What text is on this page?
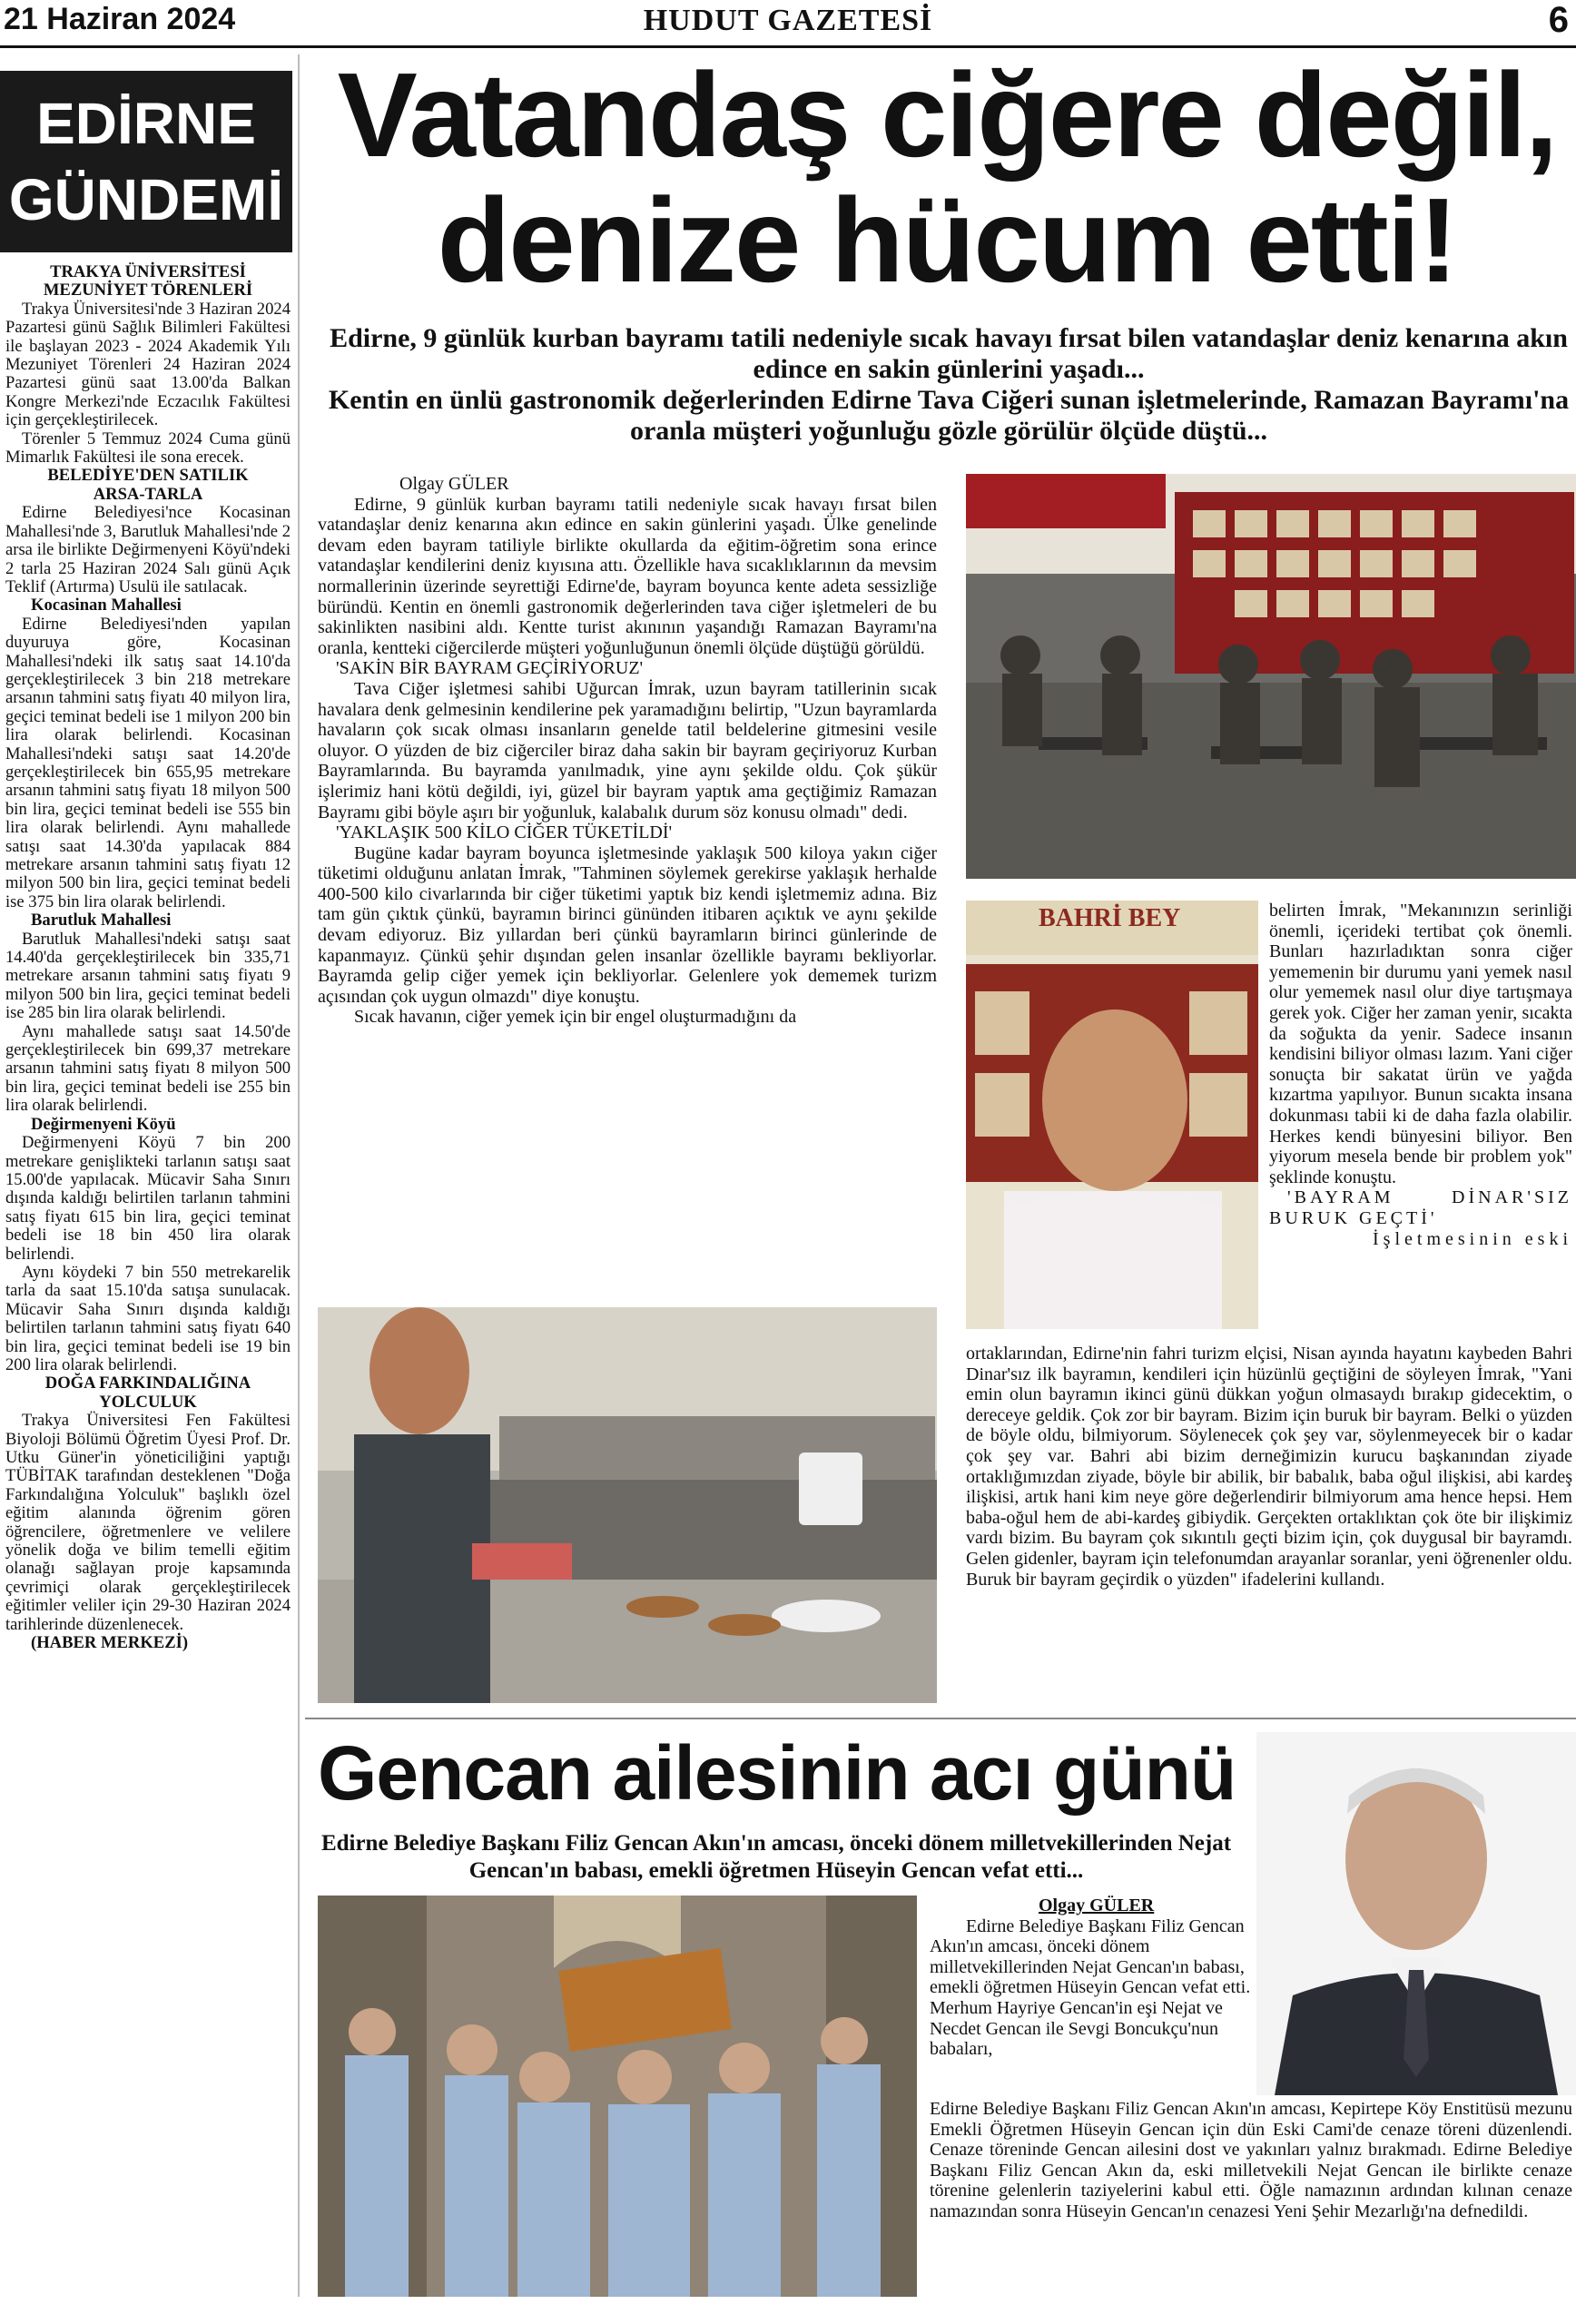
21 Haziran 2024	HUDUT GAZETESİ	6
EDİRNE
GÜNDEMİ
TRAKYA ÜNİVERSİTESİ
MEZUNİYET TÖRENLERİ

Trakya Üniversitesi'nde 3 Haziran 2024 Pazartesi günü Sağlık Bilimleri Fakültesi ile başlayan 2023 - 2024 Akademik Yılı Mezuniyet Törenleri 24 Haziran 2024 Pazartesi günü saat 13.00'da Balkan Kongre Merkezi'nde Eczacılık Fakültesi için gerçekleştirilecek.

Törenler 5 Temmuz 2024 Cuma günü Mimarlık Fakültesi ile sona erecek.

BELEDİYE'DEN SATILIK
ARSA-TARLA

Edirne Belediyesi'nce Kocasinan Mahallesi'nde 3, Barutluk Mahallesi'nde 2 arsa ile birlikte Değirmenyeni Köyü'ndeki 2 tarla 25 Haziran 2024 Salı günü Açık Teklif (Artırma) Usulü ile satılacak.

Kocasinan Mahallesi

Edirne Belediyesi'nden yapılan duyuruya göre, Kocasinan Mahallesi'ndeki ilk satış saat 14.10'da gerçekleştirilecek 3 bin 218 metrekare arsanın tahmini satış fiyatı 40 milyon lira, geçici teminat bedeli ise 1 milyon 200 bin lira olarak belirlendi. Kocasinan Mahallesi'ndeki satışı saat 14.20'de gerçekleştirilecek bin 655,95 metrekare arsanın tahmini satış fiyatı 18 milyon 500 bin lira, geçici teminat bedeli ise 555 bin lira olarak belirlendi. Aynı mahallede satışı saat 14.30'da yapılacak 884 metrekare arsanın tahmini satış fiyatı 12 milyon 500 bin lira, geçici teminat bedeli ise 375 bin lira olarak belirlendi.

Barutluk Mahallesi

Barutluk Mahallesi'ndeki satışı saat 14.40'da gerçekleştirilecek bin 335,71 metrekare arsanın tahmini satış fiyatı 9 milyon 500 bin lira, geçici teminat bedeli ise 285 bin lira olarak belirlendi.

Aynı mahallede satışı saat 14.50'de gerçekleştirilecek bin 699,37 metrekare arsanın tahmini satış fiyatı 8 milyon 500 bin lira, geçici teminat bedeli ise 255 bin lira olarak belirlendi.

Değirmenyeni Köyü

Değirmenyeni Köyü 7 bin 200 metrekare genişlikteki tarlanın satışı saat 15.00'de yapılacak. Mücavir Saha Sınırı dışında kaldığı belirtilen tarlanın tahmini satış fiyatı 615 bin lira, geçici teminat bedeli ise 18 bin 450 lira olarak belirlendi.

Aynı köydeki 7 bin 550 metrekarelik tarla da saat 15.10'da satışa sunulacak. Mücavir Saha Sınırı dışında kaldığı belirtilen tarlanın tahmini satış fiyatı 640 bin lira, geçici teminat bedeli ise 19 bin 200 lira olarak belirlendi.

DOĞA FARKINDALIĞINA
YOLCULUK

Trakya Üniversitesi Fen Fakültesi Biyoloji Bölümü Öğretim Üyesi Prof. Dr. Utku Güner'in yöneticiliğini yaptığı TÜBİTAK tarafından desteklenen "Doğa Farkındalığına Yolculuk" başlıklı özel eğitim alanında öğrenim gören öğrencilere, öğretmenlere ve velilere yönelik doğa ve bilim temelli eğitim olanağı sağlayan proje kapsamında çevrimiçi olarak gerçekleştirilecek eğitimler veliler için 29-30 Haziran 2024 tarihlerinde düzenlenecek.

(HABER MERKEZİ)

Vatandaş ciğere değil,
denize hücum etti!
Edirne, 9 günlük kurban bayramı tatili nedeniyle sıcak havayı fırsat bilen vatandaşlar deniz kenarına akın edince en sakin günlerini yaşadı...
Kentin en ünlü gastronomik değerlerinden Edirne Tava Ciğeri sunan işletmelerinde, Ramazan Bayramı'na oranla müşteri yoğunluğu gözle görülür ölçüde düştü...

Olgay GÜLER

Edirne, 9 günlük kurban bayramı tatili nedeniyle sıcak havayı fırsat bilen vatandaşlar deniz kenarına akın edince en sakin günlerini yaşadı. Ülke genelinde devam eden bayram tatiliyle birlikte okullarda da eğitim-öğretim sona erince vatandaşlar kendilerini deniz kıyısına attı. Özellikle hava sıcaklıklarının da mevsim normallerinin üzerinde seyrettiği Edirne'de, bayram boyunca kente adeta sessizliğe büründü. Kentin en önemli gastronomik değerlerinden tava ciğer işletmeleri de bu sakinlikten nasibini aldı. Kentte turist akınının yaşandığı Ramazan Bayramı'na oranla, kentteki ciğercilerde müşteri yoğunluğunun önemli ölçüde düştüğü görüldü.

'SAKİN BİR BAYRAM GEÇİRİYORUZ'

Tava Ciğer işletmesi sahibi Uğurcan İmrak, uzun bayram tatillerinin sıcak havalara denk gelmesinin kendilerine pek yaramadığını belirtip, "Uzun bayramlarda havaların çok sıcak olması insanların genelde tatil beldelerine gitmesini vesile oluyor. O yüzden de biz ciğerciler biraz daha sakin bir bayram geçiriyoruz Kurban Bayramlarında. Bu bayramda yanılmadık, yine aynı şekilde oldu. Çok şükür işlerimiz hani kötü değildi, iyi, güzel bir bayram yaptık ama geçtiğimiz Ramazan Bayramı gibi böyle aşırı bir yoğunluk, kalabalık durum söz konusu olmadı" dedi.

'YAKLAŞIK 500 KİLO CİĞER TÜKETİLDİ'

Bugüne kadar bayram boyunca işletmesinde yaklaşık 500 kiloya yakın ciğer tüketimi olduğunu anlatan İmrak, "Tahminen söylemek gerekirse yaklaşık herhalde 400-500 kilo civarlarında bir ciğer tüketimi yaptık biz kendi işletmemiz adına. Biz tam gün çıktık çünkü, bayramın birinci gününden itibaren açıktık ve aynı şekilde devam ediyoruz. Biz yıllardan beri çünkü bayramların birinci günlerinde de kapanmayız. Çünkü şehir dışından gelen insanlar özellikle bayramı bekliyorlar. Bayramda gelip ciğer yemek için bekliyorlar. Gelenlere yok dememek turizm açısından çok uygun olmazdı" diye konuştu.

Sıcak havanın, ciğer yemek için bir engel oluşturmadığını da

BAHRİ BEY	belirten İmrak, "Mekanınızın serinliği önemli, içerideki tertibat çok önemli. Bunları hazırladıktan sonra ciğer yememenin bir durumu yani yemek nasıl olur yememek nasıl olur diye tartışmaya gerek yok. Ciğer her zaman yenir, sıcakta da soğukta da yenir. Sadece insanın kendisini biliyor olması lazım. Yani ciğer sonuçta bir sakatat ürün ve yağda kızartma yapılıyor. Bunun sıcakta insana dokunması tabii ki de daha fazla olabilir. Herkes kendi bünyesini biliyor. Ben yiyorum mesela bende bir problem yok" şeklinde konuştu.

'BAYRAM DİNAR'SIZ BURUK GEÇTİ'

İşletmesinin eski

ortaklarından, Edirne'nin fahri turizm elçisi, Nisan ayında hayatını kaybeden Bahri Dinar'sız ilk bayramın, kendileri için hüzünlü geçtiğini de söyleyen İmrak, "Yani emin olun bayramın ikinci günü dükkan yoğun olmasaydı bırakıp gidecektim, o dereceye geldik. Çok zor bir bayram. Bizim için buruk bir bayram. Belki o yüzden de böyle oldu, bilmiyorum. Söylenecek çok şey var, söylenmeyecek bir o kadar çok şey var. Bahri abi bizim derneğimizin kurucu başkanından ziyade ortaklığımızdan ziyade, böyle bir abilik, bir babalık, baba oğul ilişkisi, abi kardeş ilişkisi, artık hani kim neye göre değerlendirir bilmiyorum ama hence hepsi. Hem baba-oğul hem de abi-kardeş gibiydik. Gerçekten ortaklıktan çok öte bir ilişkimiz vardı bizim. Bu bayram çok sıkıntılı geçti bizim için, çok duygusal bir bayramdı. Gelen gidenler, bayram için telefonumdan arayanlar soranlar, yeni öğrenenler oldu. Buruk bir bayram geçirdik o yüzden" ifadelerini kullandı.

Gencan ailesinin acı günü
Edirne Belediye Başkanı Filiz Gencan Akın'ın amcası, önceki dönem milletvekillerinden Nejat Gencan'ın babası, emekli öğretmen Hüseyin Gencan vefat etti...

Olgay GÜLER

Edirne Belediye Başkanı Filiz Gencan Akın'ın amcası, önceki dönem milletvekillerinden Nejat Gencan'ın babası, emekli öğretmen Hüseyin Gencan vefat etti. Merhum Hayriye Gencan'in eşi Nejat ve Necdet Gencan ile Sevgi Boncukçu'nun babaları,

Edirne Belediye Başkanı Filiz Gencan Akın'ın amcası, Kepirtepe Köy Enstitüsü mezunu Emekli Öğretmen Hüseyin Gencan için dün Eski Cami'de cenaze töreni düzenlendi. Cenaze töreninde Gencan ailesini dost ve yakınları yalnız bırakmadı. Edirne Belediye Başkanı Filiz Gencan Akın da, eski milletvekili Nejat Gencan ile birlikte cenaze törenine gelenlerin taziyelerini kabul etti. Öğle namazının ardından kılınan cenaze namazından sonra Hüseyin Gencan'ın cenazesi Yeni Şehir Mezarlığı'na defnedildi.
